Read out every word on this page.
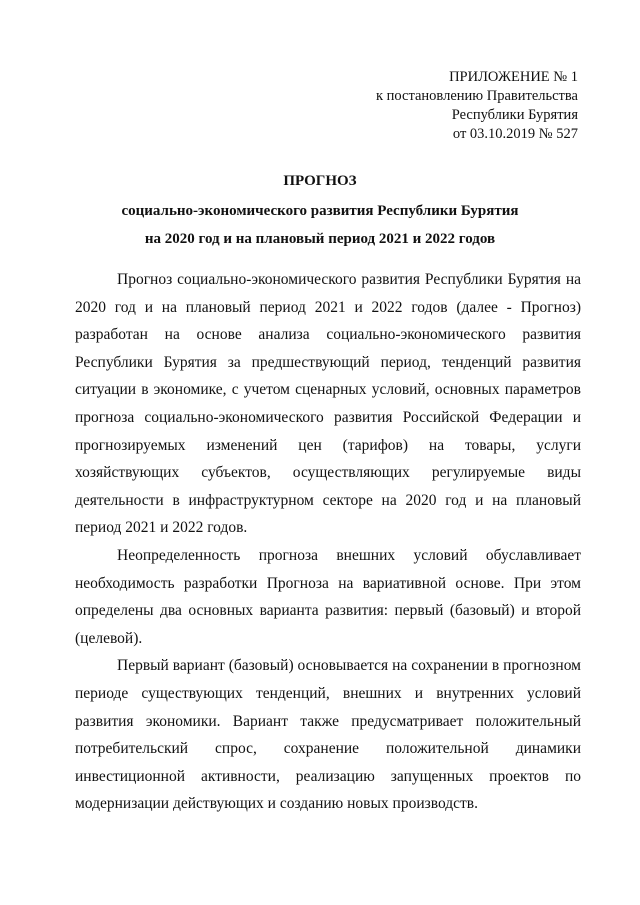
ПРИЛОЖЕНИЕ № 1
к постановлению Правительства
Республики Бурятия
от 03.10.2019 № 527

ПРОГНОЗ

социально-экономического развития Республики Бурятия

на 2020 год и на плановый период 2021 и 2022 годов

Прогноз социально-экономического развития Республики Бурятия на 2020 год и на плановый период 2021 и 2022 годов (далее - Прогноз) разработан на основе анализа социально-экономического развития Республики Бурятия за предшествующий период, тенденций развития ситуации в экономике, с учетом сценарных условий, основных параметров прогноза социально-экономического развития Российской Федерации и прогнозируемых изменений цен (тарифов) на товары, услуги хозяйствующих субъектов, осуществляющих регулируемые виды деятельности в инфраструктурном секторе на 2020 год и на плановый период 2021 и 2022 годов.

Неопределенность прогноза внешних условий обуславливает необходимость разработки Прогноза на вариативной основе. При этом определены два основных варианта развития: первый (базовый) и второй (целевой).

Первый вариант (базовый) основывается на сохранении в прогнозном периоде существующих тенденций, внешних и внутренних условий развития экономики. Вариант также предусматривает положительный потребительский спрос, сохранение положительной динамики инвестиционной активности, реализацию запущенных проектов по модернизации действующих и созданию новых производств.
